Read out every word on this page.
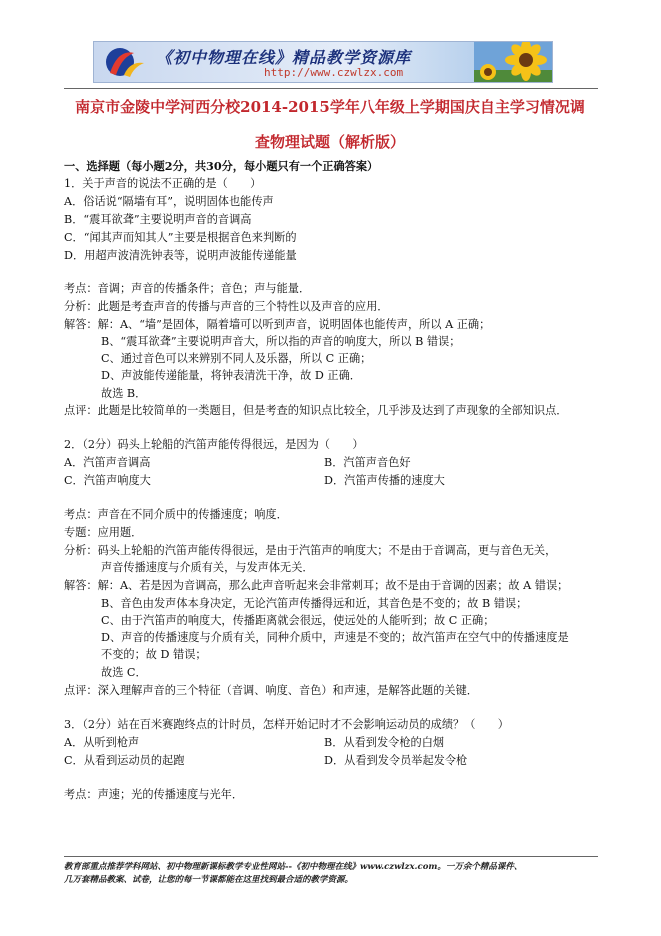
《初中物理在线》精品教学资源库
http://www.czwlzx.com
南京市金陵中学河西分校2014-2015学年八年级上学期国庆自主学习情况调
查物理试题（解析版）
一、选择题（每小题2分，共30分，每小题只有一个正确答案）
1．关于声音的说法不正确的是（　　）
A．俗话说“隔墙有耳”，说明固体也能传声
B．“震耳欲聋”主要说明声音的音调高
C．“闻其声而知其人”主要是根据音色来判断的
D．用超声波清洗钟表等，说明声波能传递能量
考点：音调；声音的传播条件；音色；声与能量．
分析：此题是考查声音的传播与声音的三个特性以及声音的应用．
解答：解：A、“墙”是固体，隔着墙可以听到声音，说明固体也能传声，所以 A 正确；
B、“震耳欲聋”主要说明声音大，所以指的声音的响度大，所以 B 错误；
C、通过音色可以来辨别不同人及乐器，所以 C 正确；
D、声波能传递能量，将钟表清洗干净，故 D 正确．
故选 B．
点评：此题是比较简单的一类题目，但是考查的知识点比较全，几乎涉及达到了声现象的全部知识点．
2．（2分）码头上轮船的汽笛声能传得很远，是因为（　　）
A．汽笛声音调高	B．汽笛声音色好
C．汽笛声响度大	D．汽笛声传播的速度大
考点：声音在不同介质中的传播速度；响度．
专题：应用题．
分析：码头上轮船的汽笛声能传得很远，是由于汽笛声的响度大；不是由于音调高，更与音色无关，
声音传播速度与介质有关，与发声体无关．
解答：解：A、若是因为音调高，那么此声音听起来会非常刺耳；故不是由于音调的因素；故 A 错误；
B、音色由发声体本身决定，无论汽笛声传播得远和近，其音色是不变的；故 B 错误；
C、由于汽笛声的响度大，传播距离就会很远，使远处的人能听到；故 C 正确；
D、声音的传播速度与介质有关，同种介质中，声速是不变的；故汽笛声在空气中的传播速度是
不变的；故 D 错误；
故选 C．
点评：深入理解声音的三个特征（音调、响度、音色）和声速，是解答此题的关键．
3．（2分）站在百米赛跑终点的计时员，怎样开始记时才不会影响运动员的成绩？（　　）
A．从听到枪声	B．从看到发令枪的白烟
C．从看到运动员的起跑	D．从看到发令员举起发令枪
考点：声速；光的传播速度与光年．
教育部重点推荐学科网站、初中物理新课标教学专业性网站--《初中物理在线》www.czwlzx.com。一万余个精品课件、
几万套精品教案、试卷，让您的每一节课都能在这里找到最合适的教学资源。
